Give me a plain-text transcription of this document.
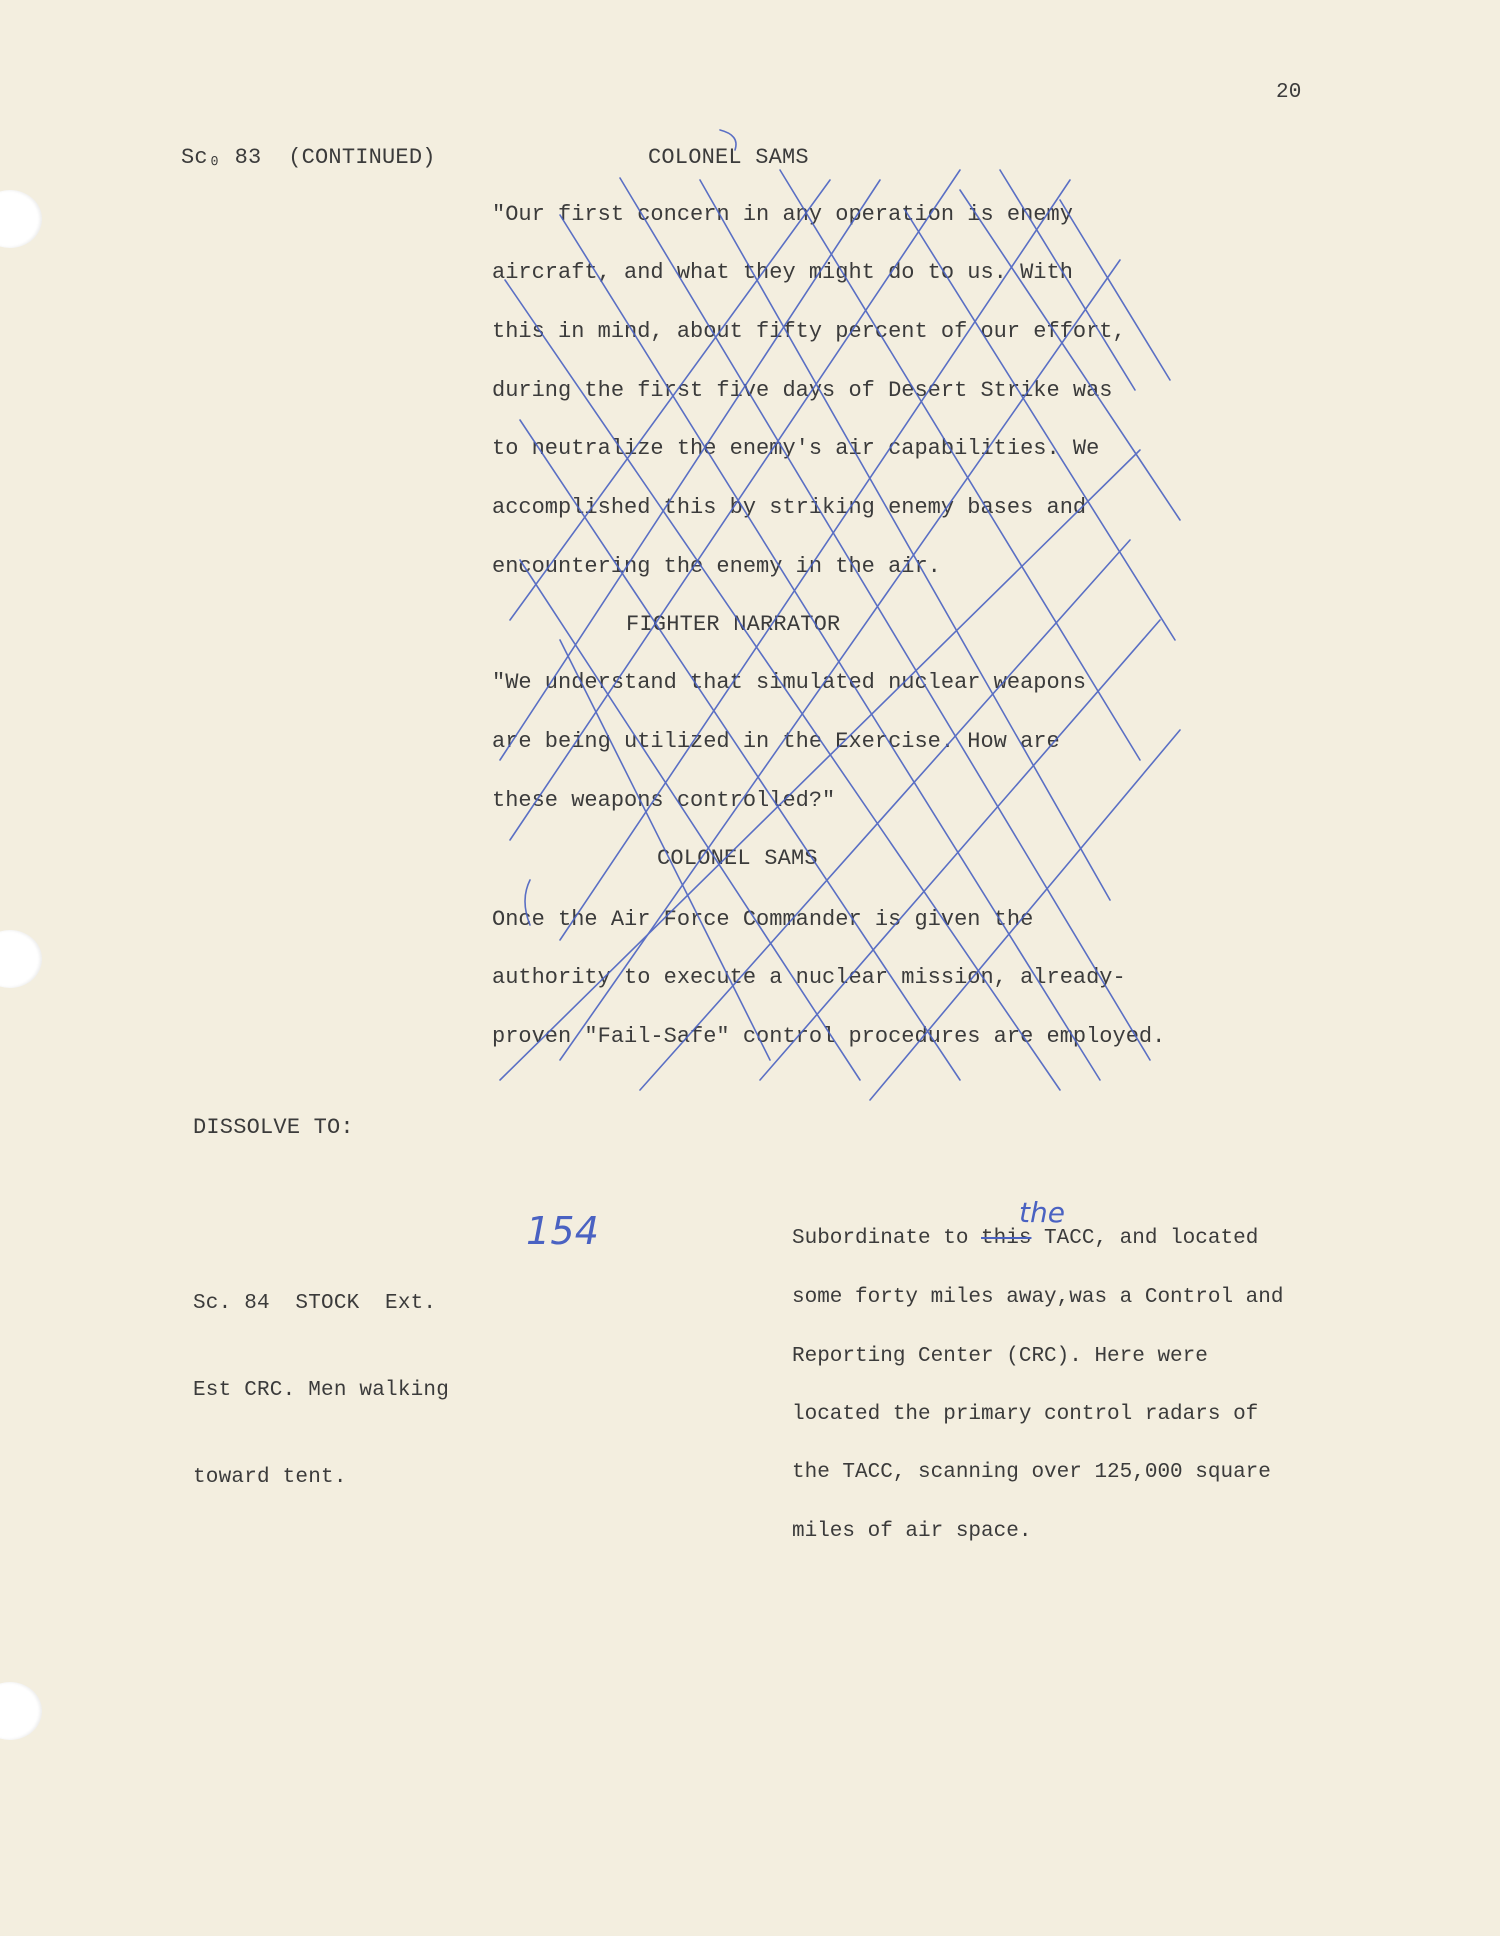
20
Sc₀ 83  (CONTINUED)	COLONEL SAMS
"Our first concern in any operation is enemy
aircraft, and what they might do to us. With
this in mind, about fifty percent of our effort,
during the first five days of Desert Strike was
to neutralize the enemy's air capabilities. We
accomplished this by striking enemy bases and
encountering the enemy in the air.
FIGHTER NARRATOR
"We understand that simulated nuclear weapons
are being utilized in the Exercise. How are
these weapons controlled?"
COLONEL SAMS
Once the Air Force Commander is given the
authority to execute a nuclear mission, already-
proven "Fail-Safe" control procedures are employed.
DISSOLVE TO:

Sc. 84  STOCK  Ext.

Est CRC. Men walking

toward tent.

154	the
Subordinate to this TACC, and located
some forty miles away,was a Control and
Reporting Center (CRC). Here were
located the primary control radars of
the TACC, scanning over 125,000 square
miles of air space.
